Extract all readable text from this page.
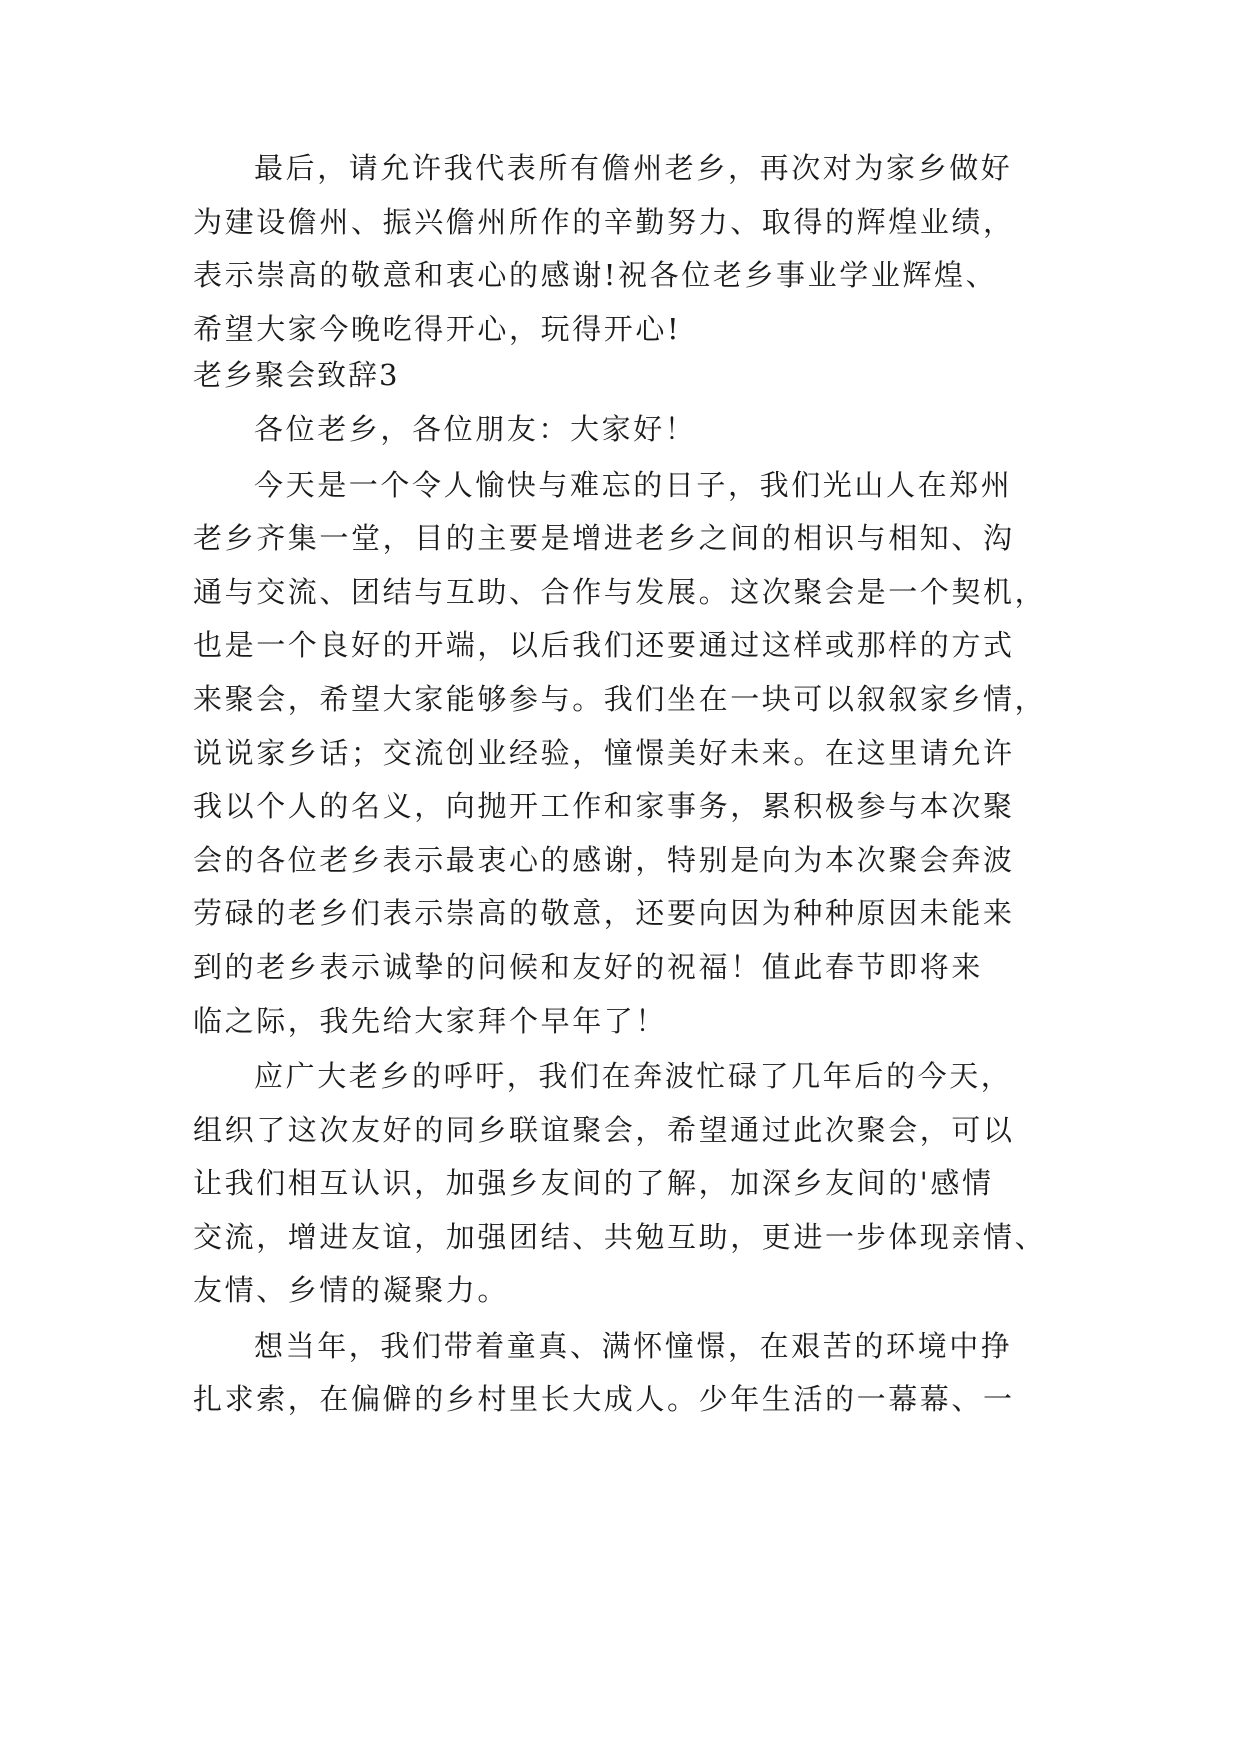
最后，请允许我代表所有儋州老乡，再次对为家乡做好
为建设儋州、振兴儋州所作的辛勤努力、取得的辉煌业绩，
表示崇高的敬意和衷心的感谢!祝各位老乡事业学业辉煌、
希望大家今晚吃得开心，玩得开心!
老乡聚会致辞3
各位老乡，各位朋友：大家好！
今天是一个令人愉快与难忘的日子，我们光山人在郑州
老乡齐集一堂，目的主要是增进老乡之间的相识与相知、沟
通与交流、团结与互助、合作与发展。这次聚会是一个契机，
也是一个良好的开端，以后我们还要通过这样或那样的方式
来聚会，希望大家能够参与。我们坐在一块可以叙叙家乡情，
说说家乡话；交流创业经验，憧憬美好未来。在这里请允许
我以个人的名义，向抛开工作和家事务，累积极参与本次聚
会的各位老乡表示最衷心的感谢，特别是向为本次聚会奔波
劳碌的老乡们表示崇高的敬意，还要向因为种种原因未能来
到的老乡表示诚挚的问候和友好的祝福！值此春节即将来
临之际，我先给大家拜个早年了！
应广大老乡的呼吁，我们在奔波忙碌了几年后的今天，
组织了这次友好的同乡联谊聚会，希望通过此次聚会，可以
让我们相互认识，加强乡友间的了解，加深乡友间的'感情
交流，增进友谊，加强团结、共勉互助，更进一步体现亲情、
友情、乡情的凝聚力。
想当年，我们带着童真、满怀憧憬，在艰苦的环境中挣
扎求索，在偏僻的乡村里长大成人。少年生活的一幕幕、一
